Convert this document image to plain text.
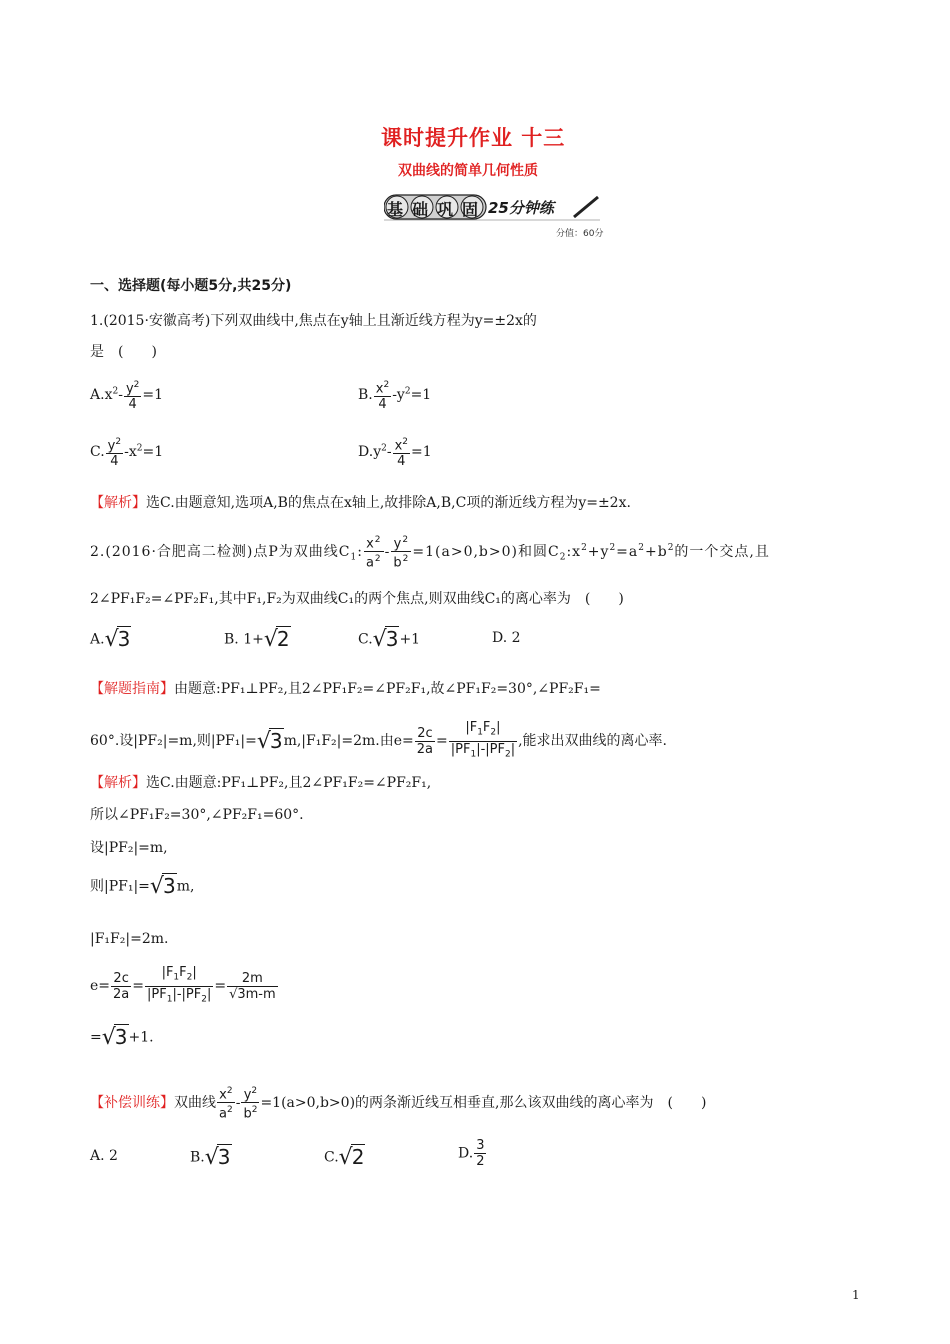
课时提升作业 十三
双曲线的简单几何性质
基础巩固 25分钟练
分值：60分
一、选择题(每小题5分,共25分)
1.(2015·安徽高考)下列双曲线中,焦点在y轴上且渐近线方程为y=±2x的
是　(　　)
$A.x^2- \frac{y^2}{4} =1$	B. $\frac{x^2}{4} -y^2=1$
C. $\frac{y^2}{4} -x^2=1$	$D.y^2- \frac{x^2}{4} =1$
【解析】选C.由题意知,选项A,B的焦点在x轴上,故排除A,B,C项的渐近线方程为y=±2x.
2.(2016·合肥高二检测)点P为双曲线$C_1$: $\frac{x^2}{a^2} - \frac{y^2}{b^2} =1(a>0,b>0)$和圆$C_2:x^2+y^2=a^2+b^2$的一个交点,且
2∠PF₁F₂=∠PF₂F₁,其中F₁,F₂为双曲线C₁的两个焦点,则双曲线C₁的离心率为　(　　)
A.√3	B. 1+√2	C.√3+1	D. 2
【解题指南】由题意:PF₁⊥PF₂,且2∠PF₁F₂=∠PF₂F₁,故∠PF₁F₂=30°,∠PF₂F₁=
60°.设|PF₂|=m,则|PF₁|=√3m,|F₁F₂|=2m.由$e= \frac{2c}{2a} = \frac{|F_1F_2|}{|PF_1|-|PF_2|}$ ,能求出双曲线的离心率.
【解析】选C.由题意:PF₁⊥PF₂,且2∠PF₁F₂=∠PF₂F₁,
所以∠PF₁F₂=30°,∠PF₂F₁=60°.
设|PF₂|=m,
则|PF₁|=√3m,
|F₁F₂|=2m.
$e= \frac{2c}{2a} = \frac{|F_1F_2|}{|PF_1|-|PF_2|} = \frac{2m}{√3m-m}$
=√3+1.
【补偿训练】双曲线 $\frac{x^2}{a^2} - \frac{y^2}{b^2} =1(a>0,b>0)$的两条渐近线互相垂直,那么该双曲线的离心率为　(　　)
A. 2	B.√3	C.√2	D. $\frac{3}{2}$
1
